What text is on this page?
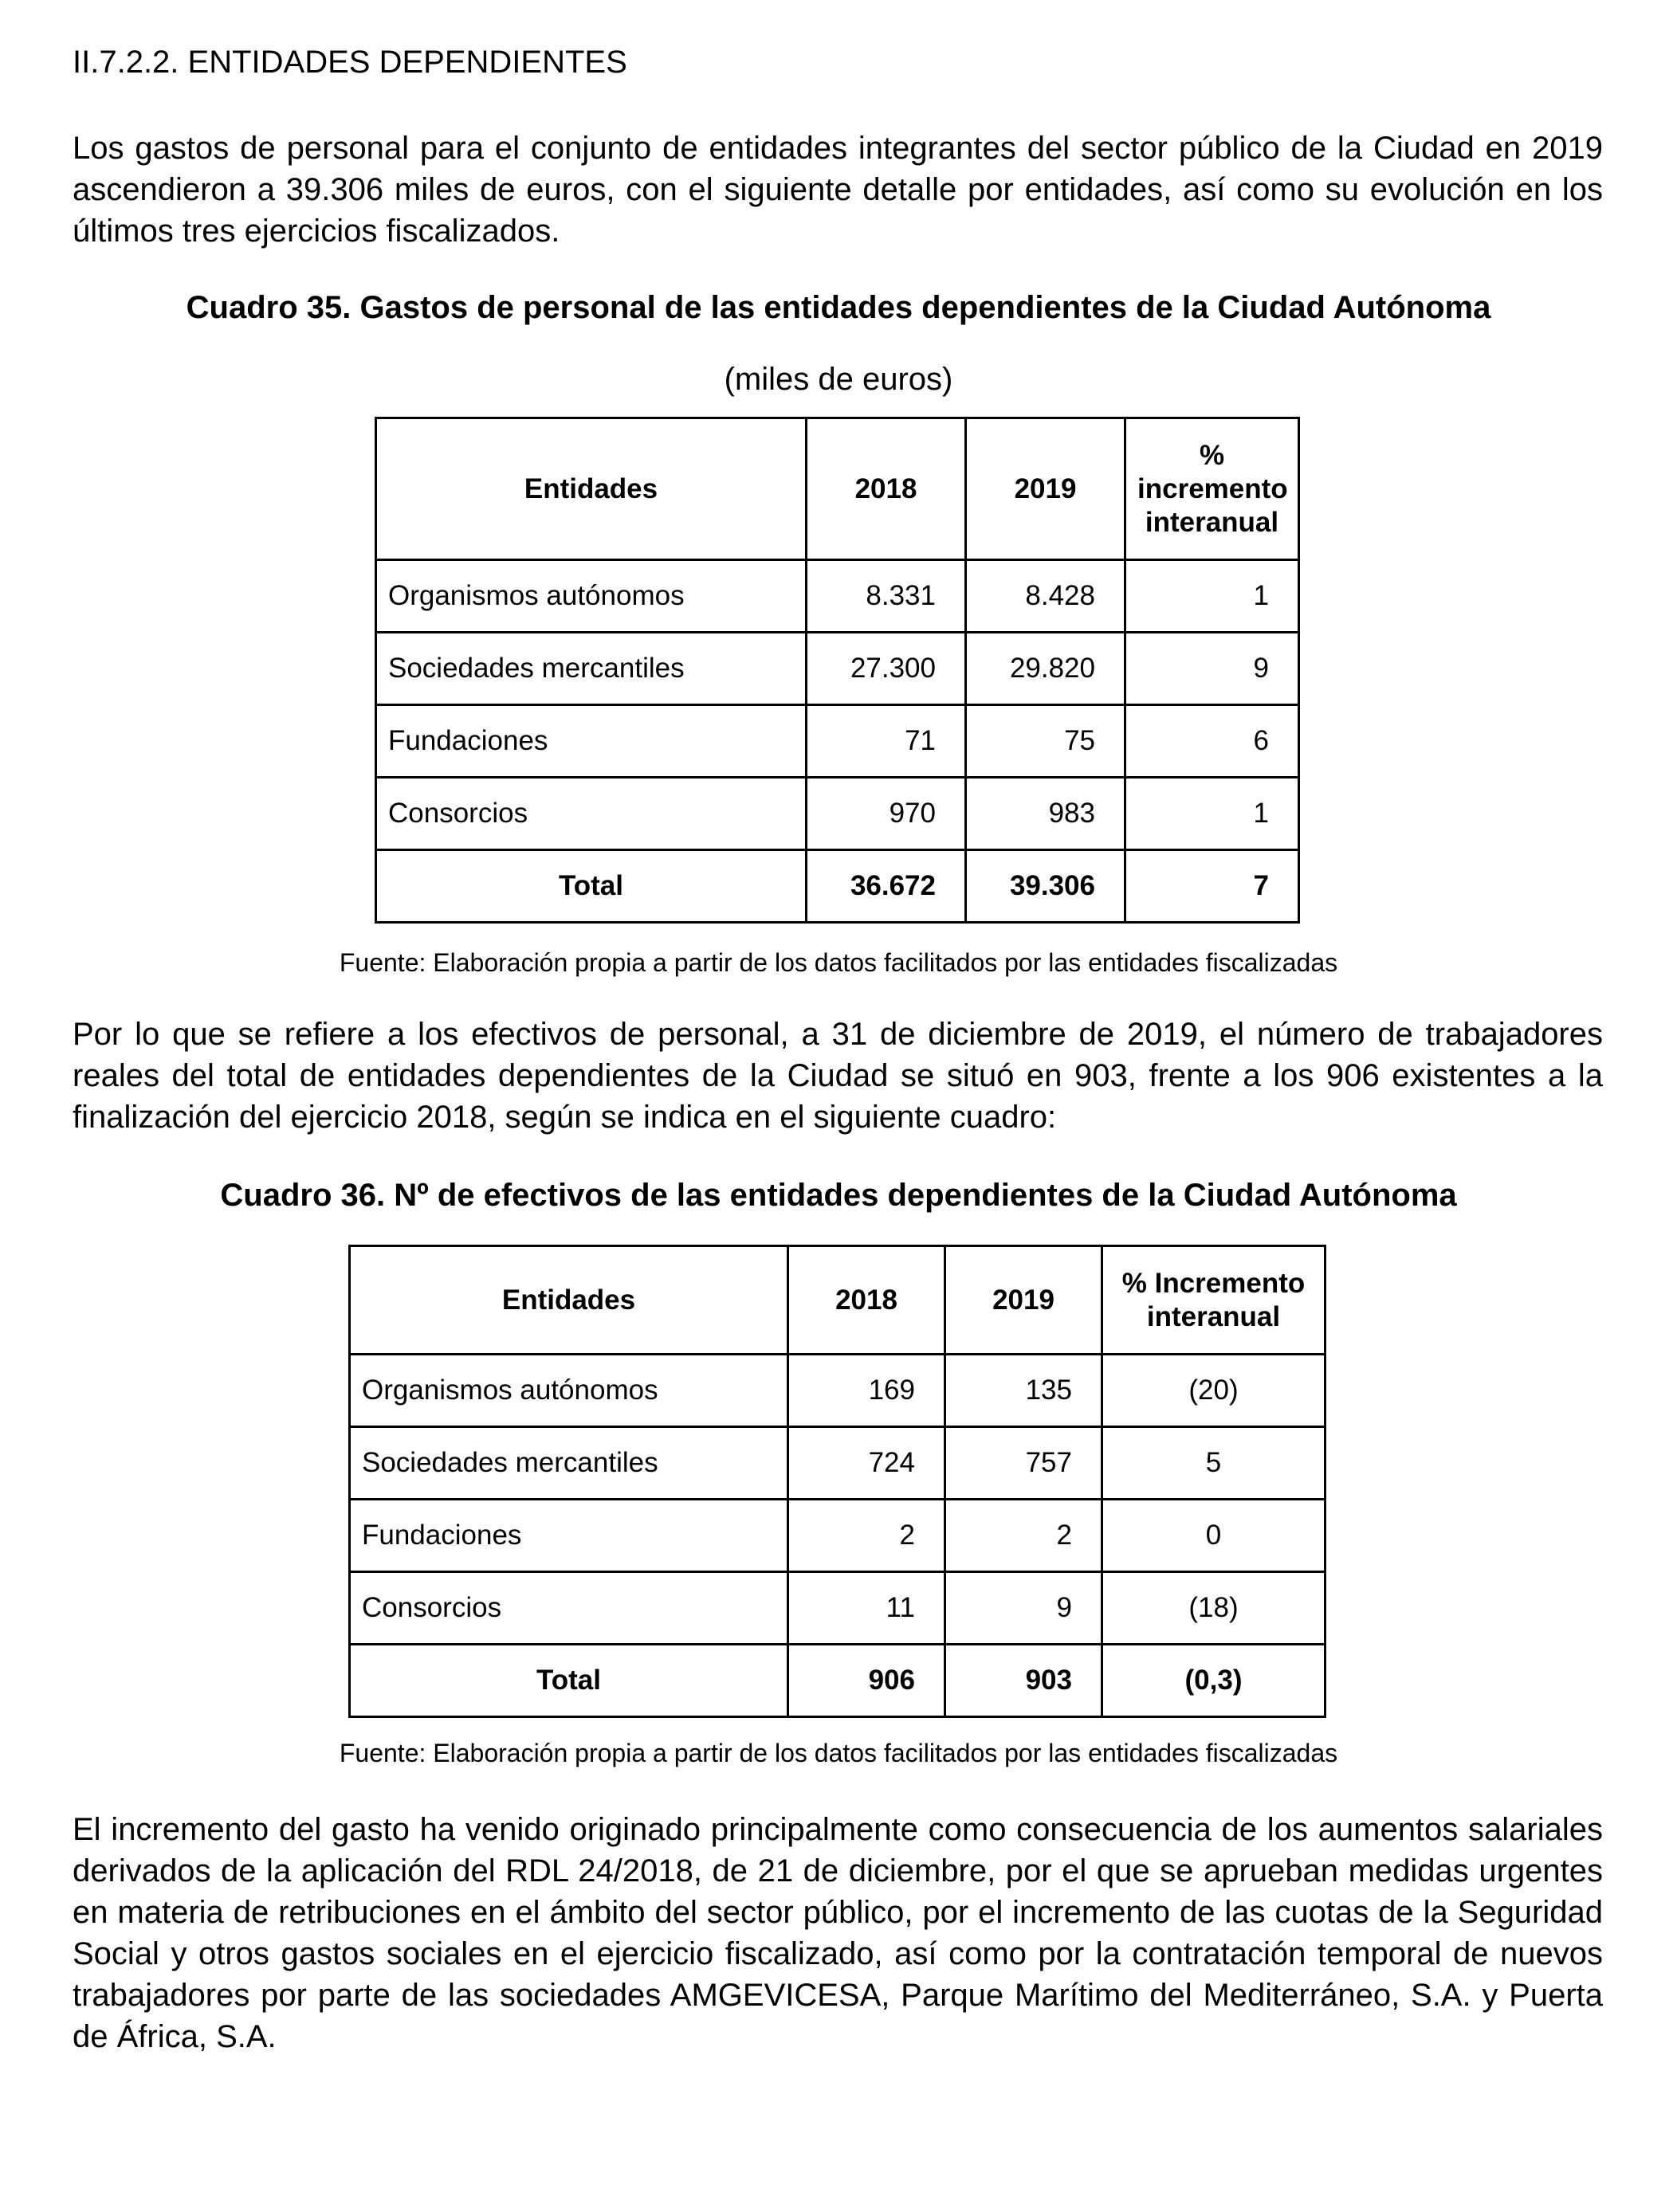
II.7.2.2. ENTIDADES DEPENDIENTES

Los gastos de personal para el conjunto de entidades integrantes del sector público de la Ciudad en 2019 ascendieron a 39.306 miles de euros, con el siguiente detalle por entidades, así como su evolución en los últimos tres ejercicios fiscalizados.

Cuadro 35. Gastos de personal de las entidades dependientes de la Ciudad Autónoma
(miles de euros)
Entidades	2018	2019	% incremento interanual
Organismos autónomos	8.331	8.428	1
Sociedades mercantiles	27.300	29.820	9
Fundaciones	71	75	6
Consorcios	970	983	1
Total	36.672	39.306	7
Fuente: Elaboración propia a partir de los datos facilitados por las entidades fiscalizadas

Por lo que se refiere a los efectivos de personal, a 31 de diciembre de 2019, el número de trabajadores reales del total de entidades dependientes de la Ciudad se situó en 903, frente a los 906 existentes a la finalización del ejercicio 2018, según se indica en el siguiente cuadro:

Cuadro 36. Nº de efectivos de las entidades dependientes de la Ciudad Autónoma
Entidades	2018	2019	% Incremento interanual
Organismos autónomos	169	135	(20)
Sociedades mercantiles	724	757	5
Fundaciones	2	2	0
Consorcios	11	9	(18)
Total	906	903	(0,3)
Fuente: Elaboración propia a partir de los datos facilitados por las entidades fiscalizadas

El incremento del gasto ha venido originado principalmente como consecuencia de los aumentos salariales derivados de la aplicación del RDL 24/2018, de 21 de diciembre, por el que se aprueban medidas urgentes en materia de retribuciones en el ámbito del sector público, por el incremento de las cuotas de la Seguridad Social y otros gastos sociales en el ejercicio fiscalizado, así como por la contratación temporal de nuevos trabajadores por parte de las sociedades AMGEVICESA, Parque Marítimo del Mediterráneo, S.A. y Puerta de África, S.A.
